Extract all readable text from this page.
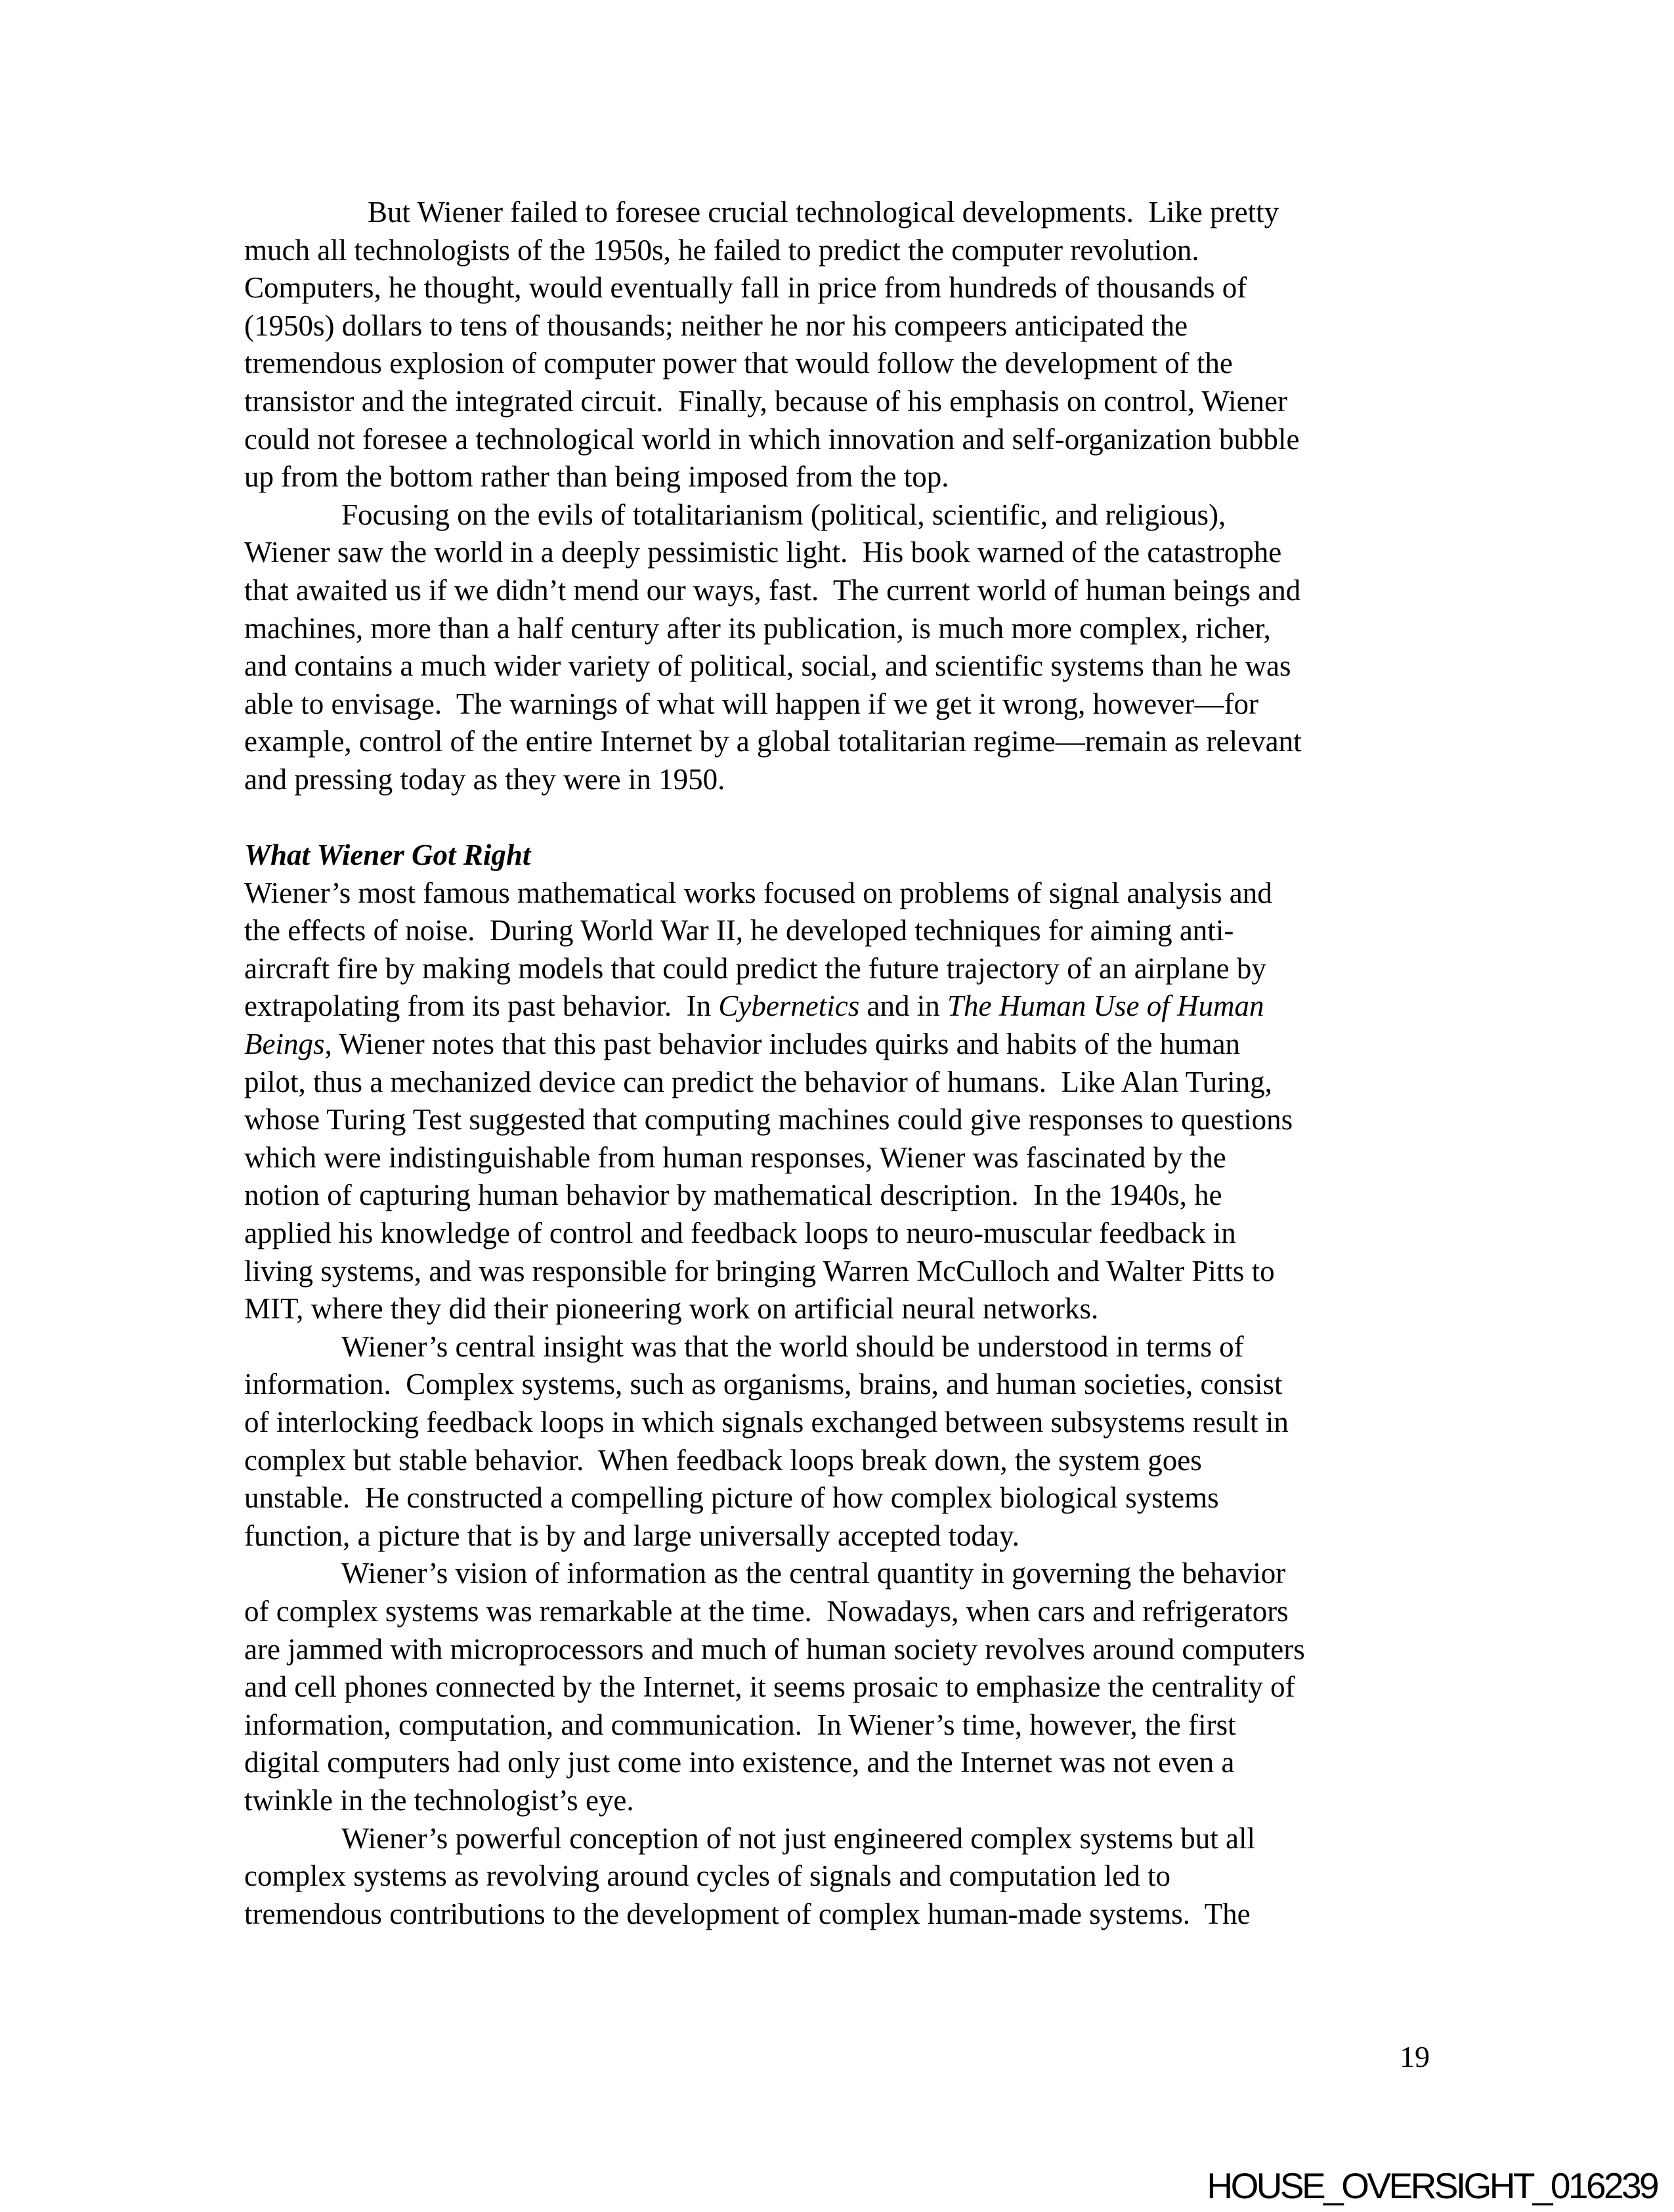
But Wiener failed to foresee crucial technological developments.  Like pretty
much all technologists of the 1950s, he failed to predict the computer revolution.
Computers, he thought, would eventually fall in price from hundreds of thousands of
(1950s) dollars to tens of thousands; neither he nor his compeers anticipated the
tremendous explosion of computer power that would follow the development of the
transistor and the integrated circuit.  Finally, because of his emphasis on control, Wiener
could not foresee a technological world in which innovation and self-organization bubble
up from the bottom rather than being imposed from the top.
Focusing on the evils of totalitarianism (political, scientific, and religious),
Wiener saw the world in a deeply pessimistic light.  His book warned of the catastrophe
that awaited us if we didn’t mend our ways, fast.  The current world of human beings and
machines, more than a half century after its publication, is much more complex, richer,
and contains a much wider variety of political, social, and scientific systems than he was
able to envisage.  The warnings of what will happen if we get it wrong, however—for
example, control of the entire Internet by a global totalitarian regime—remain as relevant
and pressing today as they were in 1950.
What Wiener Got Right
Wiener’s most famous mathematical works focused on problems of signal analysis and
the effects of noise.  During World War II, he developed techniques for aiming anti-
aircraft fire by making models that could predict the future trajectory of an airplane by
extrapolating from its past behavior.  In Cybernetics and in The Human Use of Human
Beings, Wiener notes that this past behavior includes quirks and habits of the human
pilot, thus a mechanized device can predict the behavior of humans.  Like Alan Turing,
whose Turing Test suggested that computing machines could give responses to questions
which were indistinguishable from human responses, Wiener was fascinated by the
notion of capturing human behavior by mathematical description.  In the 1940s, he
applied his knowledge of control and feedback loops to neuro-muscular feedback in
living systems, and was responsible for bringing Warren McCulloch and Walter Pitts to
MIT, where they did their pioneering work on artificial neural networks.
Wiener’s central insight was that the world should be understood in terms of
information.  Complex systems, such as organisms, brains, and human societies, consist
of interlocking feedback loops in which signals exchanged between subsystems result in
complex but stable behavior.  When feedback loops break down, the system goes
unstable.  He constructed a compelling picture of how complex biological systems
function, a picture that is by and large universally accepted today.
Wiener’s vision of information as the central quantity in governing the behavior
of complex systems was remarkable at the time.  Nowadays, when cars and refrigerators
are jammed with microprocessors and much of human society revolves around computers
and cell phones connected by the Internet, it seems prosaic to emphasize the centrality of
information, computation, and communication.  In Wiener’s time, however, the first
digital computers had only just come into existence, and the Internet was not even a
twinkle in the technologist’s eye.
Wiener’s powerful conception of not just engineered complex systems but all
complex systems as revolving around cycles of signals and computation led to
tremendous contributions to the development of complex human-made systems.  The
19
HOUSE_OVERSIGHT_016239
